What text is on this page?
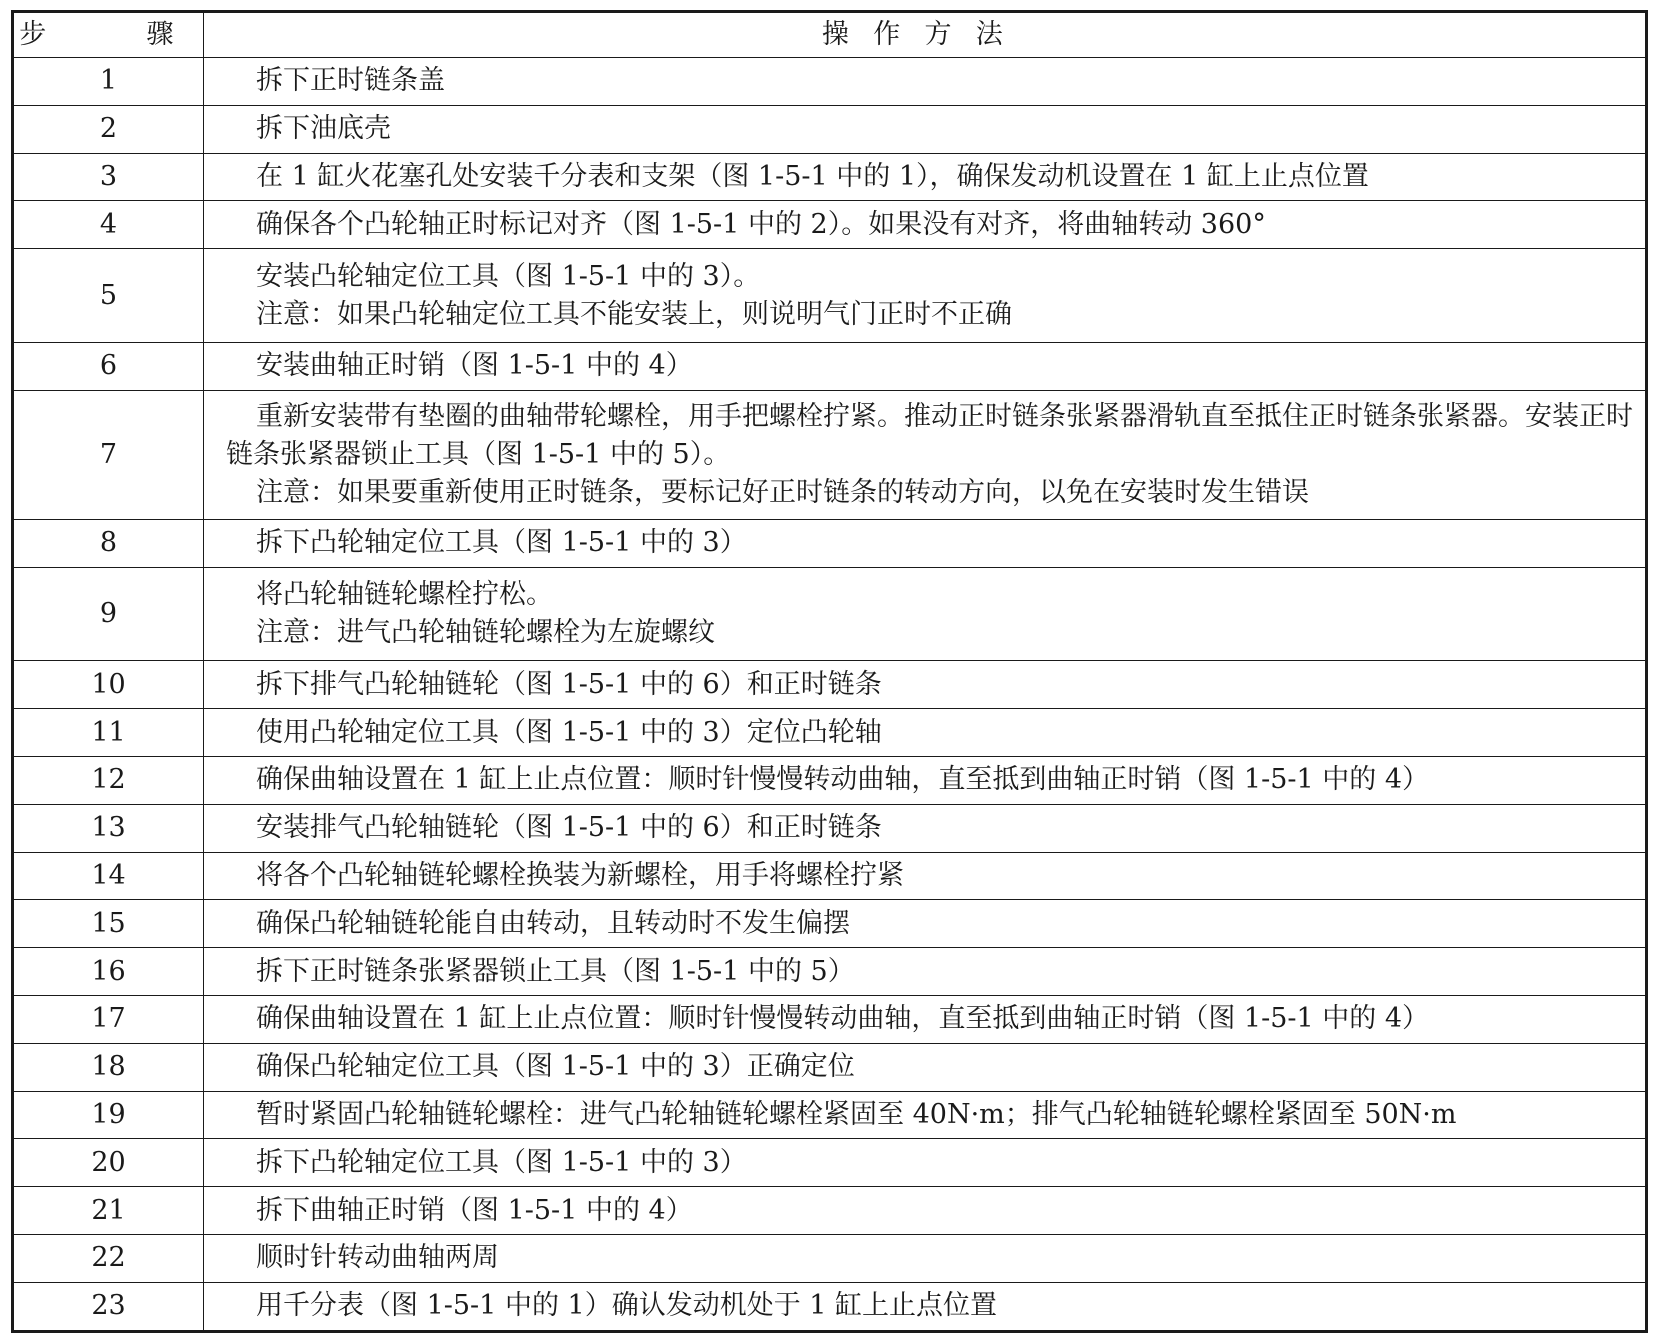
步 骤	操作方法
1	拆下正时链条盖

2	拆下油底壳

3	在 1 缸火花塞孔处安装千分表和支架（图 1-5-1 中的 1），确保发动机设置在 1 缸上止点位置

4	确保各个凸轮轴正时标记对齐（图 1-5-1 中的 2）。如果没有对齐，将曲轴转动 360°

5	安装凸轮轴定位工具（图 1-5-1 中的 3）。
注意：如果凸轮轴定位工具不能安装上，则说明气门正时不正确

6	安装曲轴正时销（图 1-5-1 中的 4）

7	重新安装带有垫圈的曲轴带轮螺栓，用手把螺栓拧紧。推动正时链条张紧器滑轨直至抵住正时链条张紧器。安装正时链条张紧器锁止工具（图 1-5-1 中的 5）。
注意：如果要重新使用正时链条，要标记好正时链条的转动方向，以免在安装时发生错误

8	拆下凸轮轴定位工具（图 1-5-1 中的 3）

9	将凸轮轴链轮螺栓拧松。
注意：进气凸轮轴链轮螺栓为左旋螺纹

10	拆下排气凸轮轴链轮（图 1-5-1 中的 6）和正时链条

11	使用凸轮轴定位工具（图 1-5-1 中的 3）定位凸轮轴

12	确保曲轴设置在 1 缸上止点位置：顺时针慢慢转动曲轴，直至抵到曲轴正时销（图 1-5-1 中的 4）

13	安装排气凸轮轴链轮（图 1-5-1 中的 6）和正时链条

14	将各个凸轮轴链轮螺栓换装为新螺栓，用手将螺栓拧紧

15	确保凸轮轴链轮能自由转动，且转动时不发生偏摆

16	拆下正时链条张紧器锁止工具（图 1-5-1 中的 5）

17	确保曲轴设置在 1 缸上止点位置：顺时针慢慢转动曲轴，直至抵到曲轴正时销（图 1-5-1 中的 4）

18	确保凸轮轴定位工具（图 1-5-1 中的 3）正确定位

19	暂时紧固凸轮轴链轮螺栓：进气凸轮轴链轮螺栓紧固至 40N·m；排气凸轮轴链轮螺栓紧固至 50N·m

20	拆下凸轮轴定位工具（图 1-5-1 中的 3）

21	拆下曲轴正时销（图 1-5-1 中的 4）

22	顺时针转动曲轴两周

23	用千分表（图 1-5-1 中的 1）确认发动机处于 1 缸上止点位置
